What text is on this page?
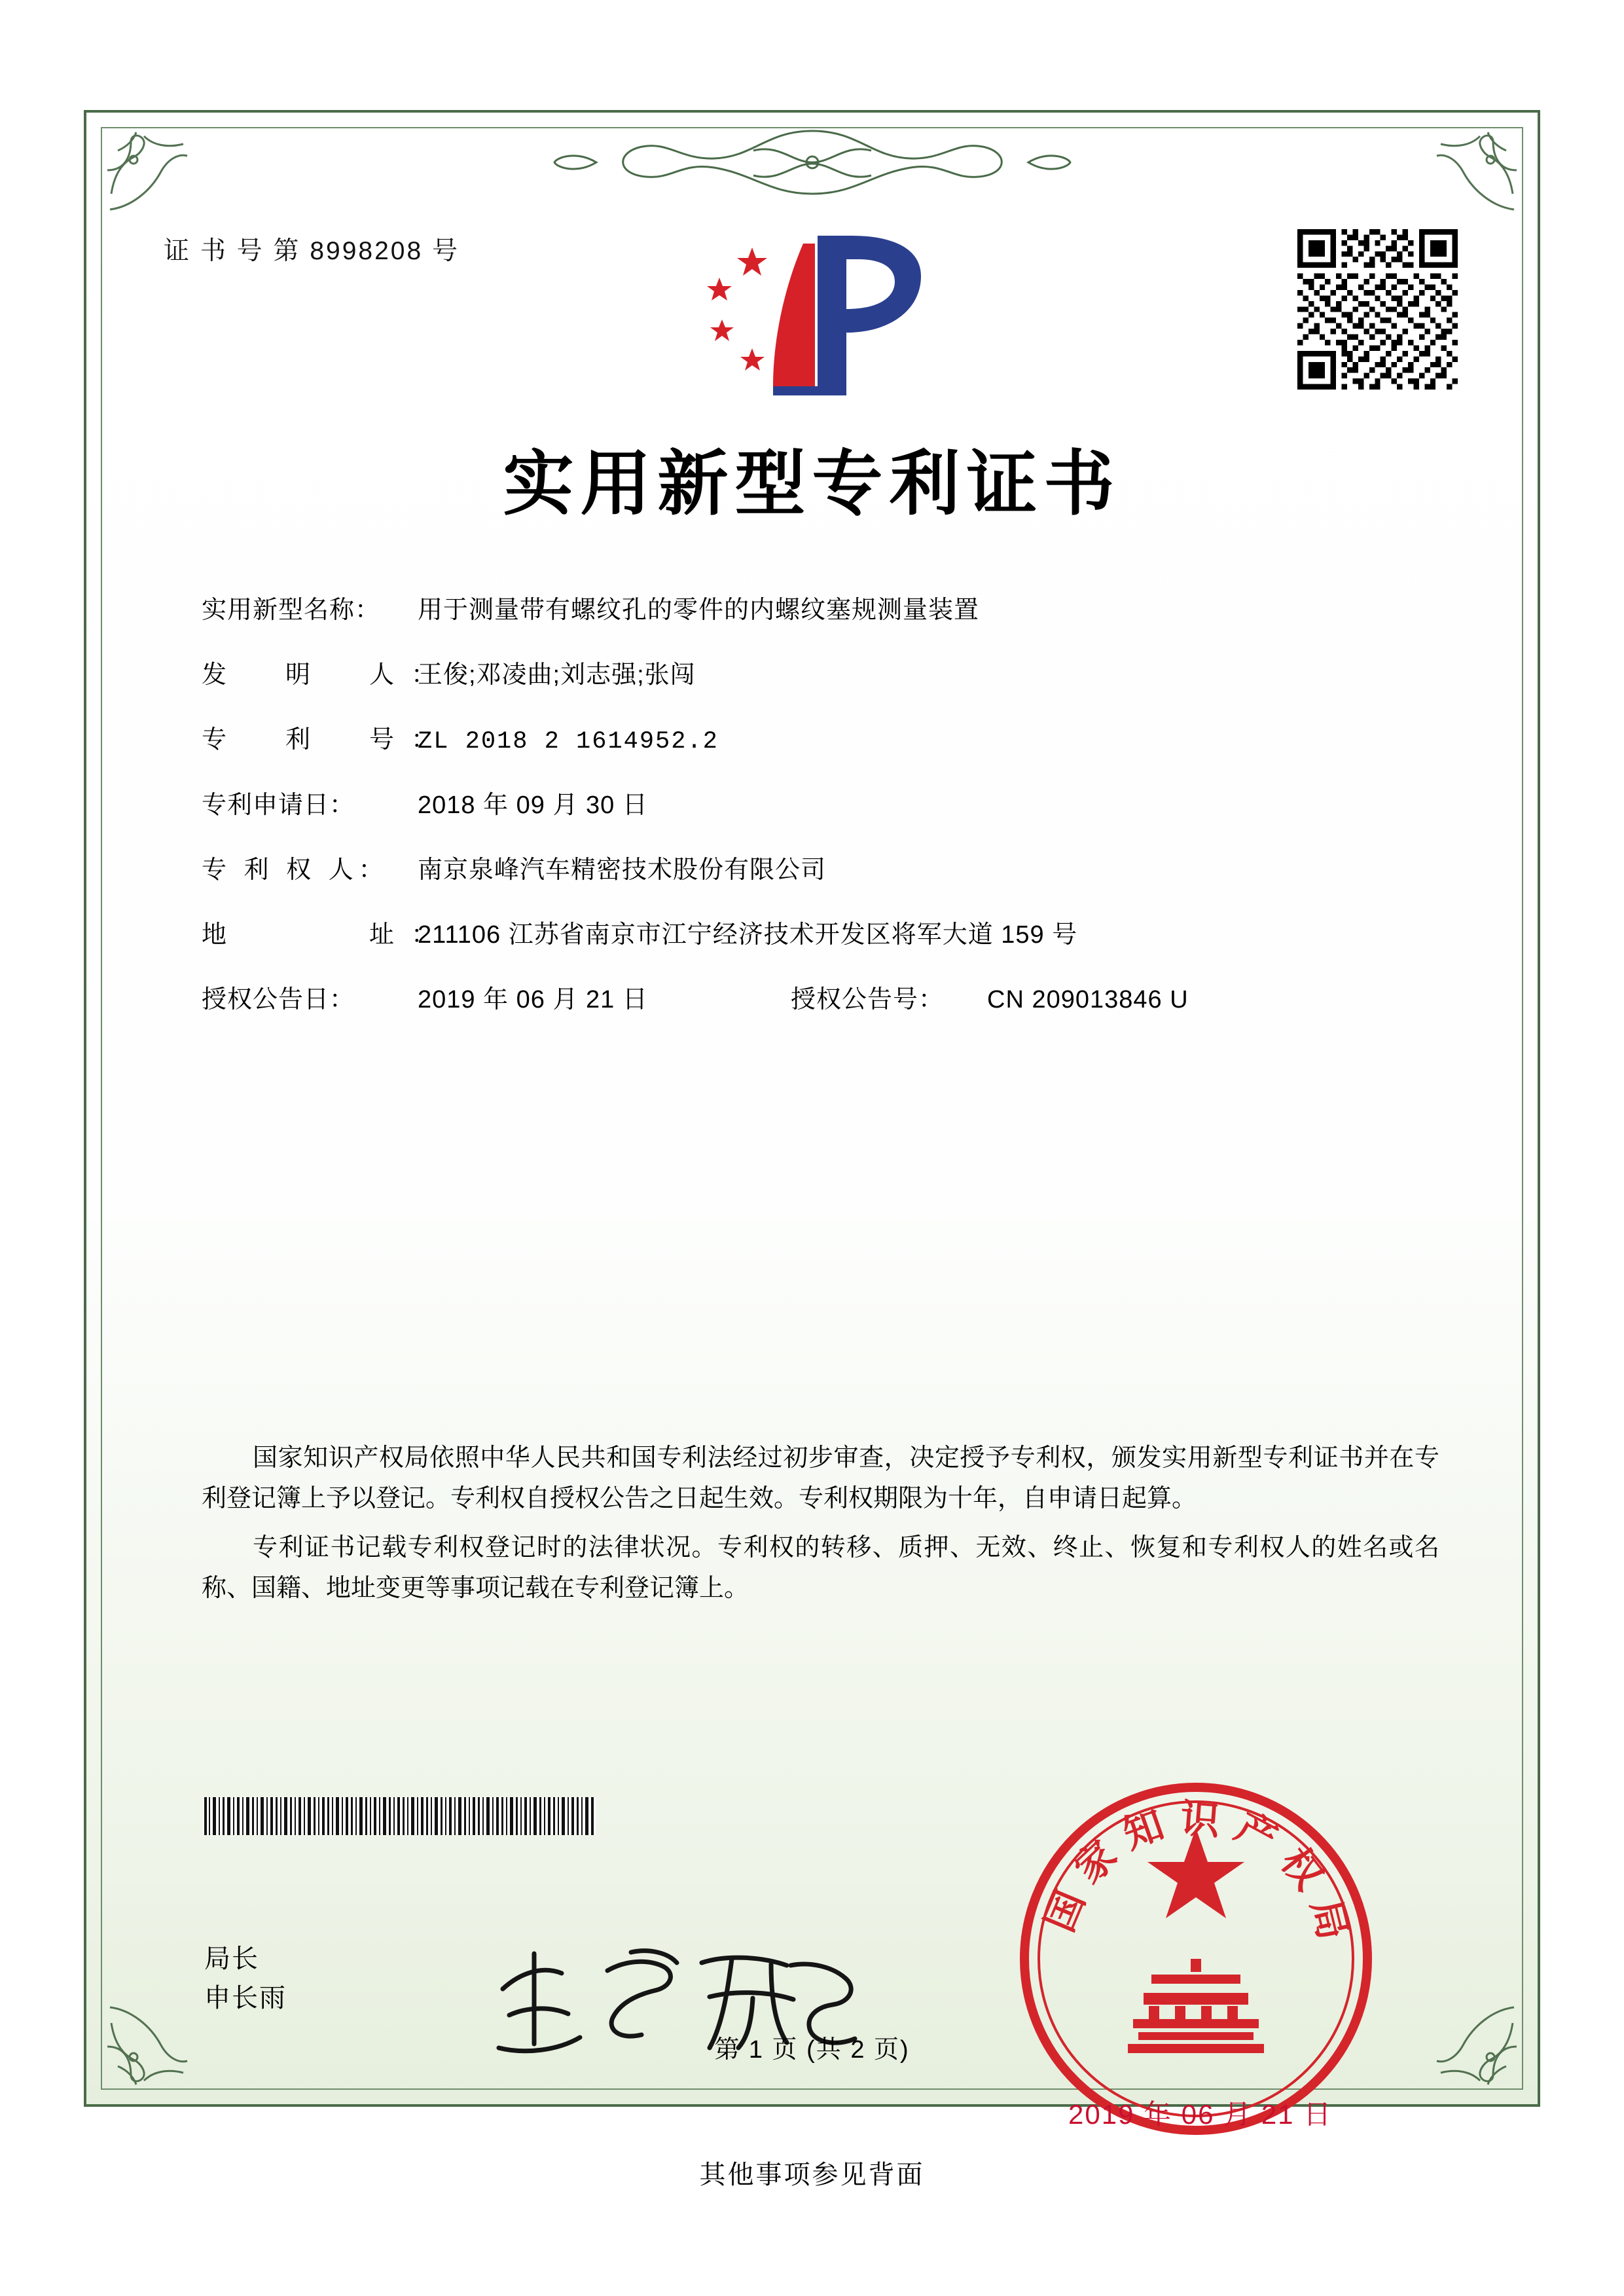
证 书 号 第 8998208 号
实用新型专利证书
实用新型名称：	用于测量带有螺纹孔的零件的内螺纹塞规测量装置
发　明　人：
王俊;邓凌曲;刘志强;张闯
专　利　号：
ZL 2018 2 1614952.2
专利申请日：	2018 年 09 月 30 日
专 利 权 人：	南京泉峰汽车精密技术股份有限公司
地　　　址：
211106 江苏省南京市江宁经济技术开发区将军大道 159 号
授权公告日：	2019 年 06 月 21 日	授权公告号：	CN 209013846 U

国家知识产权局依照中华人民共和国专利法经过初步审查，决定授予专利权，颁发实用新型专利证书并在专利登记簿上予以登记。专利权自授权公告之日起生效。专利权期限为十年，自申请日起算。

专利证书记载专利权登记时的法律状况。专利权的转移、质押、无效、终止、恢复和专利权人的姓名或名称、国籍、地址变更等事项记载在专利登记簿上。

局长
申长雨
国家知识产权局
2019 年 06 月 21 日
第 1 页 (共 2 页)
其他事项参见背面
